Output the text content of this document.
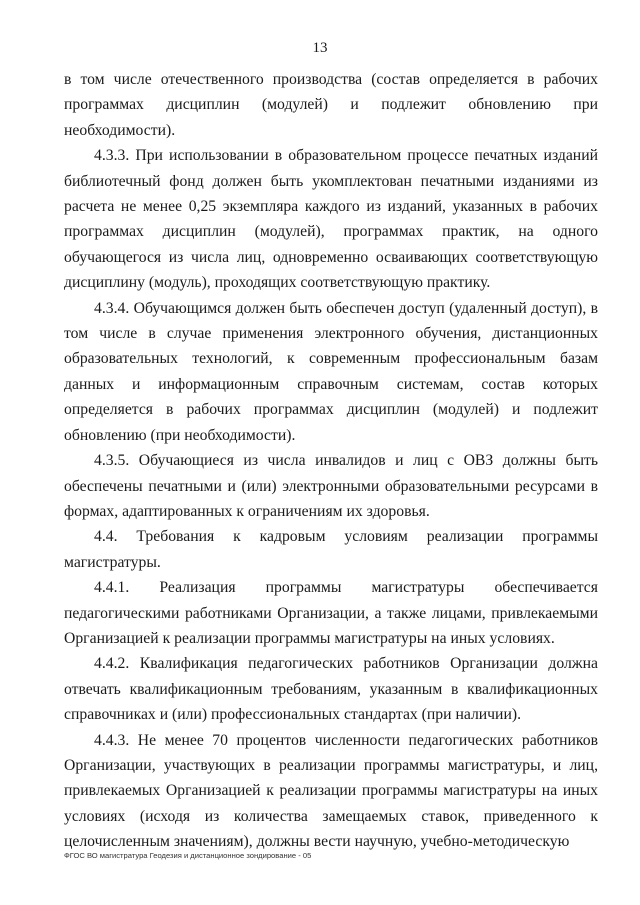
13

в том числе отечественного производства (состав определяется в рабочих программах дисциплин (модулей) и подлежит обновлению при необходимости).

4.3.3. При использовании в образовательном процессе печатных изданий библиотечный фонд должен быть укомплектован печатными изданиями из расчета не менее 0,25 экземпляра каждого из изданий, указанных в рабочих программах дисциплин (модулей), программах практик, на одного обучающегося из числа лиц, одновременно осваивающих соответствующую дисциплину (модуль), проходящих соответствующую практику.

4.3.4. Обучающимся должен быть обеспечен доступ (удаленный доступ), в том числе в случае применения электронного обучения, дистанционных образовательных технологий, к современным профессиональным базам данных и информационным справочным системам, состав которых определяется в рабочих программах дисциплин (модулей) и подлежит обновлению (при необходимости).

4.3.5. Обучающиеся из числа инвалидов и лиц с ОВЗ должны быть обеспечены печатными и (или) электронными образовательными ресурсами в формах, адаптированных к ограничениям их здоровья.

4.4. Требования к кадровым условиям реализации программы магистратуры.

4.4.1. Реализация программы магистратуры обеспечивается педагогическими работниками Организации, а также лицами, привлекаемыми Организацией к реализации программы магистратуры на иных условиях.

4.4.2. Квалификация педагогических работников Организации должна отвечать квалификационным требованиям, указанным в квалификационных справочниках и (или) профессиональных стандартах (при наличии).

4.4.3. Не менее 70 процентов численности педагогических работников Организации, участвующих в реализации программы магистратуры, и лиц, привлекаемых Организацией к реализации программы магистратуры на иных условиях (исходя из количества замещаемых ставок, приведенного к целочисленным значениям), должны вести научную, учебно-методическую

ФГОС ВО магистратура Геодезия и дистанционное зондирование - 05
